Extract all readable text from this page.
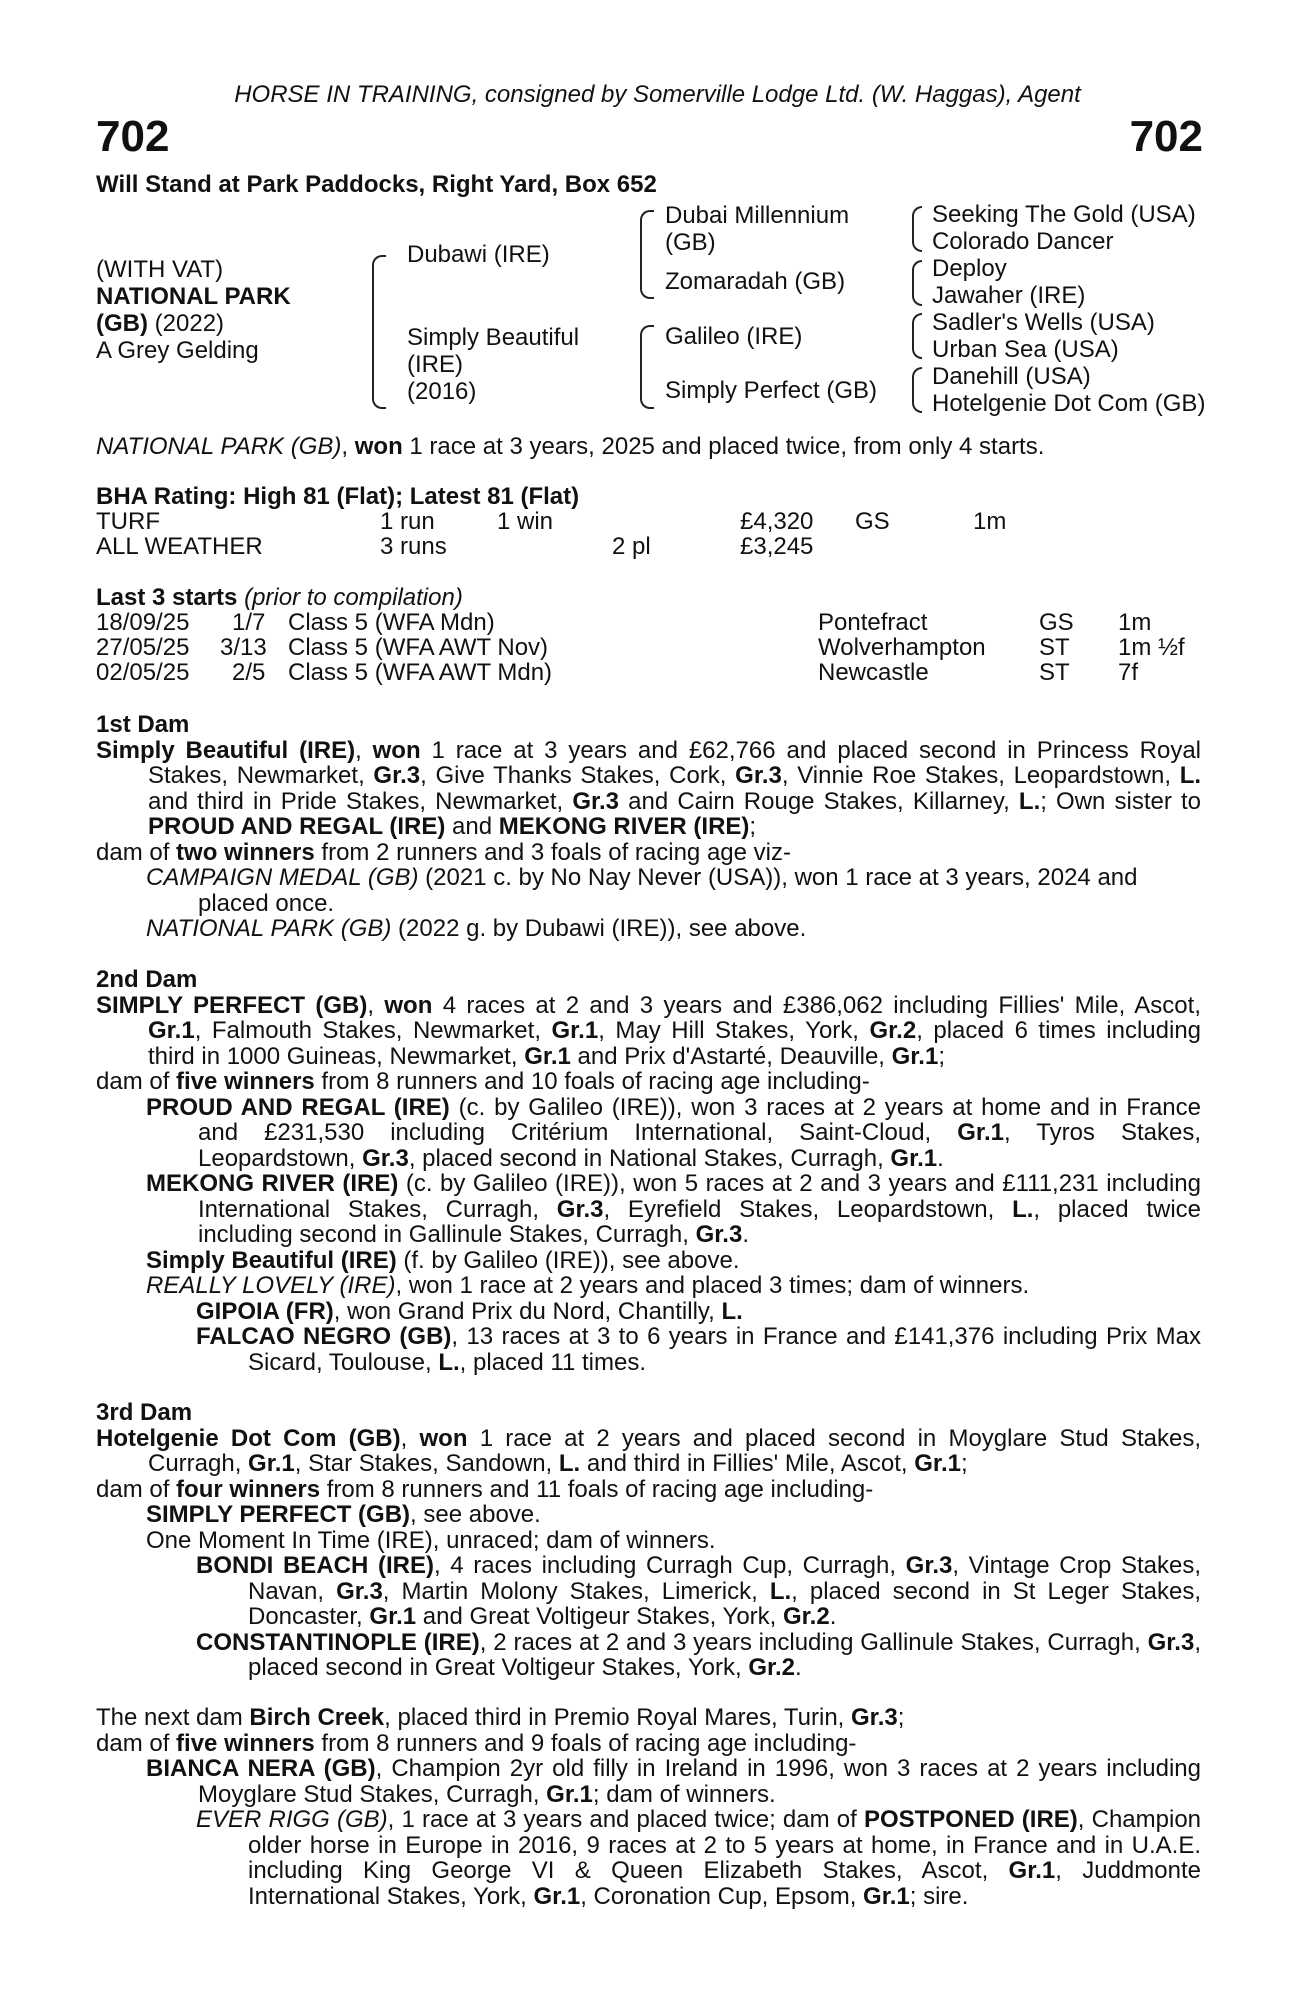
HORSE IN TRAINING, consigned by Somerville Lodge Ltd. (W. Haggas), Agent
702	702
Will Stand at Park Paddocks, Right Yard, Box 652
(WITH VAT)
NATIONAL PARK
(GB) (2022)
A Grey Gelding
Dubawi (IRE)
Simply Beautiful
(IRE)
(2016)
Dubai Millennium
(GB)
Zomaradah (GB)
Galileo (IRE)
Simply Perfect (GB)
Seeking The Gold (USA)
Colorado Dancer
Deploy
Jawaher (IRE)
Sadler's Wells (USA)
Urban Sea (USA)
Danehill (USA)
Hotelgenie Dot Com (GB)
NATIONAL PARK (GB), won 1 race at 3 years, 2025 and placed twice, from only 4 starts.
BHA Rating: High 81 (Flat); Latest 81 (Flat)
TURF	1 run	1 win	£4,320 GS	1m
ALL WEATHER	3 runs	2 pl	£3,245
Last 3 starts (prior to compilation)
18/09/25 1/7 Class 5 (WFA Mdn)	Pontefract	GS 1m
27/05/25 3/13 Class 5 (WFA AWT Nov)	Wolverhampton ST 1m ½f
02/05/25 2/5 Class 5 (WFA AWT Mdn)	Newcastle	ST 7f
1st Dam
Simply Beautiful (IRE), won 1 race at 3 years and £62,766 and placed second in Princess Royal Stakes, Newmarket, Gr.3, Give Thanks Stakes, Cork, Gr.3, Vinnie Roe Stakes, Leopardstown, L. and third in Pride Stakes, Newmarket, Gr.3 and Cairn Rouge Stakes, Killarney, L.; Own sister to PROUD AND REGAL (IRE) and MEKONG RIVER (IRE);
dam of two winners from 2 runners and 3 foals of racing age viz-
CAMPAIGN MEDAL (GB) (2021 c. by No Nay Never (USA)), won 1 race at 3 years, 2024 and placed once.
NATIONAL PARK (GB) (2022 g. by Dubawi (IRE)), see above.
2nd Dam
SIMPLY PERFECT (GB), won 4 races at 2 and 3 years and £386,062 including Fillies' Mile, Ascot, Gr.1, Falmouth Stakes, Newmarket, Gr.1, May Hill Stakes, York, Gr.2, placed 6 times including third in 1000 Guineas, Newmarket, Gr.1 and Prix d'Astarté, Deauville, Gr.1;
dam of five winners from 8 runners and 10 foals of racing age including-
PROUD AND REGAL (IRE) (c. by Galileo (IRE)), won 3 races at 2 years at home and in France and £231,530 including Critérium International, Saint-Cloud, Gr.1, Tyros Stakes, Leopardstown, Gr.3, placed second in National Stakes, Curragh, Gr.1.
MEKONG RIVER (IRE) (c. by Galileo (IRE)), won 5 races at 2 and 3 years and £111,231 including International Stakes, Curragh, Gr.3, Eyrefield Stakes, Leopardstown, L., placed twice including second in Gallinule Stakes, Curragh, Gr.3.
Simply Beautiful (IRE) (f. by Galileo (IRE)), see above.
REALLY LOVELY (IRE), won 1 race at 2 years and placed 3 times; dam of winners.
GIPOIA (FR), won Grand Prix du Nord, Chantilly, L.
FALCAO NEGRO (GB), 13 races at 3 to 6 years in France and £141,376 including Prix Max Sicard, Toulouse, L., placed 11 times.
3rd Dam
Hotelgenie Dot Com (GB), won 1 race at 2 years and placed second in Moyglare Stud Stakes, Curragh, Gr.1, Star Stakes, Sandown, L. and third in Fillies' Mile, Ascot, Gr.1;
dam of four winners from 8 runners and 11 foals of racing age including-
SIMPLY PERFECT (GB), see above.
One Moment In Time (IRE), unraced; dam of winners.
BONDI BEACH (IRE), 4 races including Curragh Cup, Curragh, Gr.3, Vintage Crop Stakes, Navan, Gr.3, Martin Molony Stakes, Limerick, L., placed second in St Leger Stakes, Doncaster, Gr.1 and Great Voltigeur Stakes, York, Gr.2.
CONSTANTINOPLE (IRE), 2 races at 2 and 3 years including Gallinule Stakes, Curragh, Gr.3, placed second in Great Voltigeur Stakes, York, Gr.2.
The next dam Birch Creek, placed third in Premio Royal Mares, Turin, Gr.3;
dam of five winners from 8 runners and 9 foals of racing age including-
BIANCA NERA (GB), Champion 2yr old filly in Ireland in 1996, won 3 races at 2 years including Moyglare Stud Stakes, Curragh, Gr.1; dam of winners.
EVER RIGG (GB), 1 race at 3 years and placed twice; dam of POSTPONED (IRE), Champion older horse in Europe in 2016, 9 races at 2 to 5 years at home, in France and in U.A.E. including King George VI & Queen Elizabeth Stakes, Ascot, Gr.1, Juddmonte International Stakes, York, Gr.1, Coronation Cup, Epsom, Gr.1; sire.
